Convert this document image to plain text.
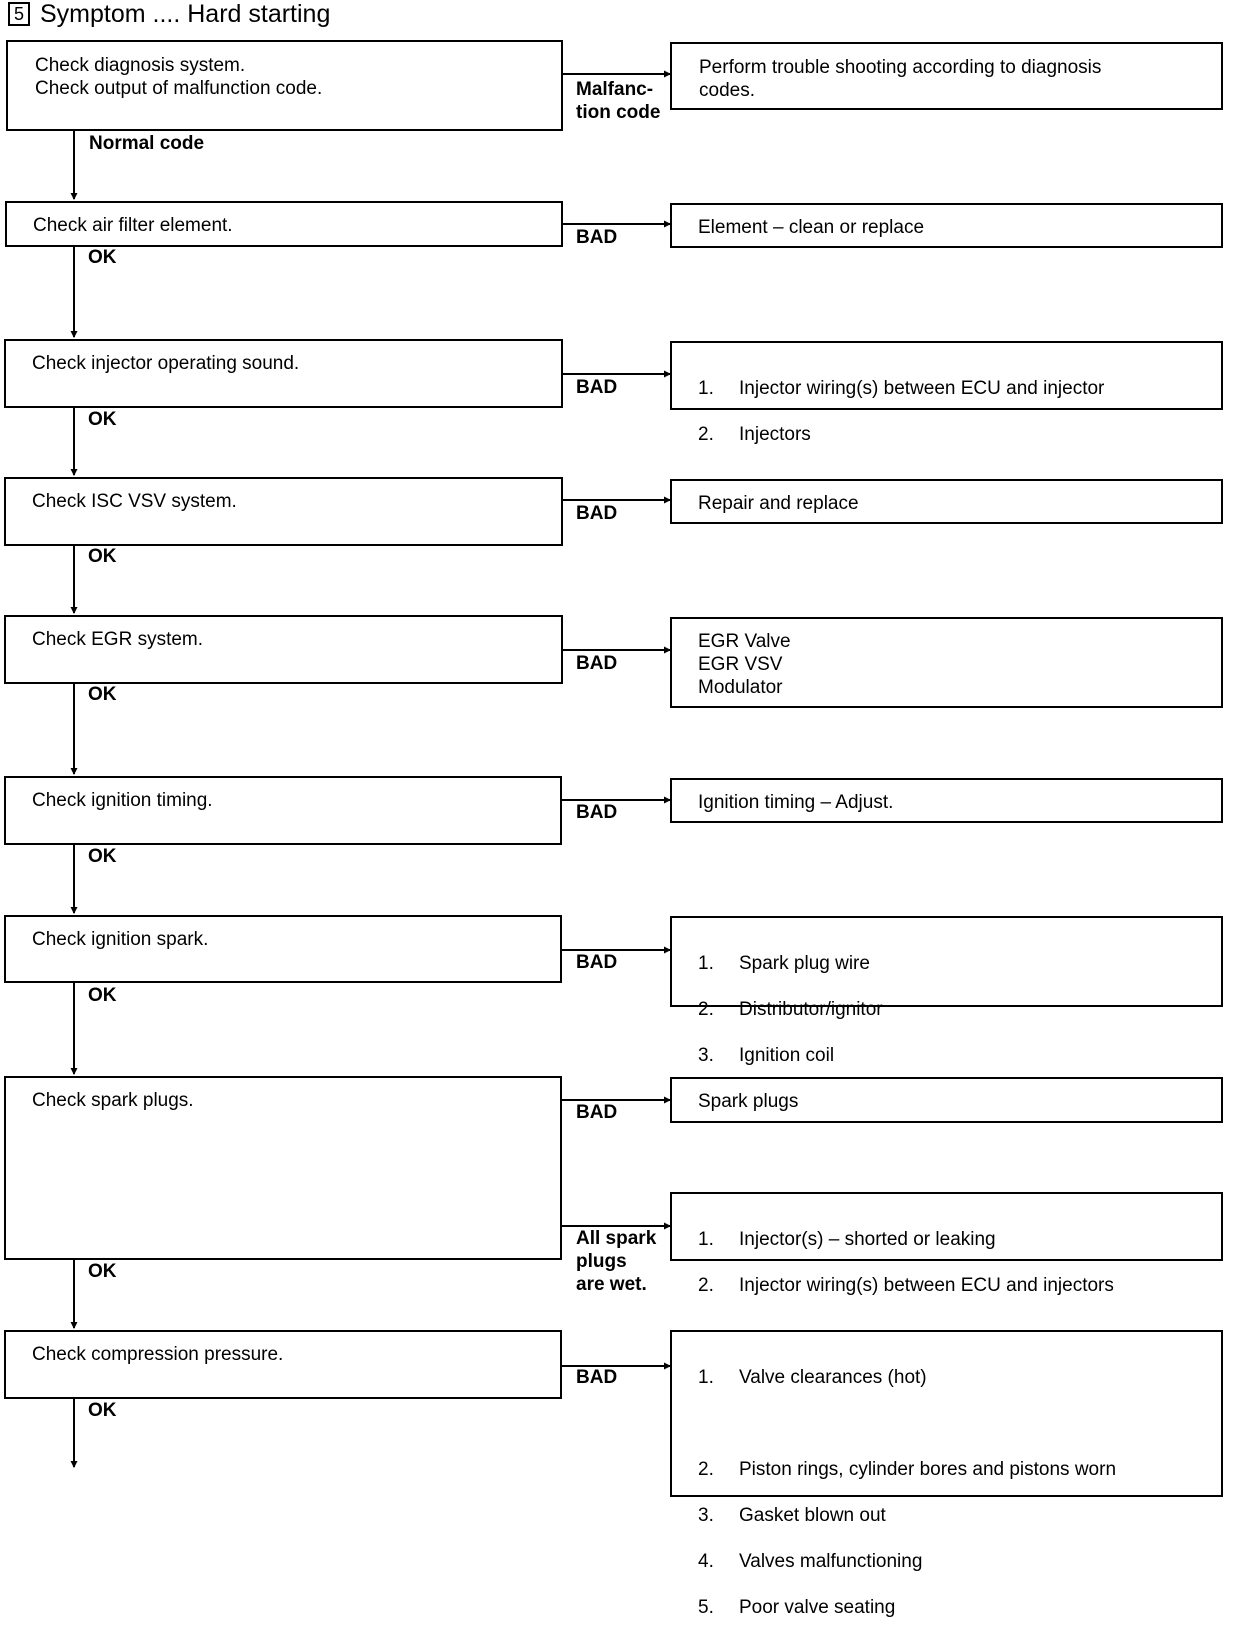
5 Symptom .... Hard starting
Check diagnosis system.
Check output of malfunction code.
Check air filter element.
Check injector operating sound.
Check ISC VSV system.
Check EGR system.
Check ignition timing.
Check ignition spark.
Check spark plugs.
Check compression pressure.
Perform trouble shooting according to diagnosis
codes.
Element – clean or replace

1.	Injector wiring(s) between ECU and injector

2.	Injectors

Repair and replace
EGR Valve
EGR VSV
Modulator
Ignition timing – Adjust.

1.	Spark plug wire

2.	Distributor/ignitor

3.	Ignition coil

Spark plugs

1.	Injector(s) – shorted or leaking

2.	Injector wiring(s) between ECU and injectors

1.	Valve clearances (hot)

2.	Piston rings, cylinder bores and pistons worn

3.	Gasket blown out

4.	Valves malfunctioning

5.	Poor valve seating

Malfanc-
tion code
Normal code
BAD
OK
BAD
OK
BAD
OK
BAD
OK
BAD
OK
BAD
OK
BAD
All spark
plugs
are wet.
OK
BAD
OK
